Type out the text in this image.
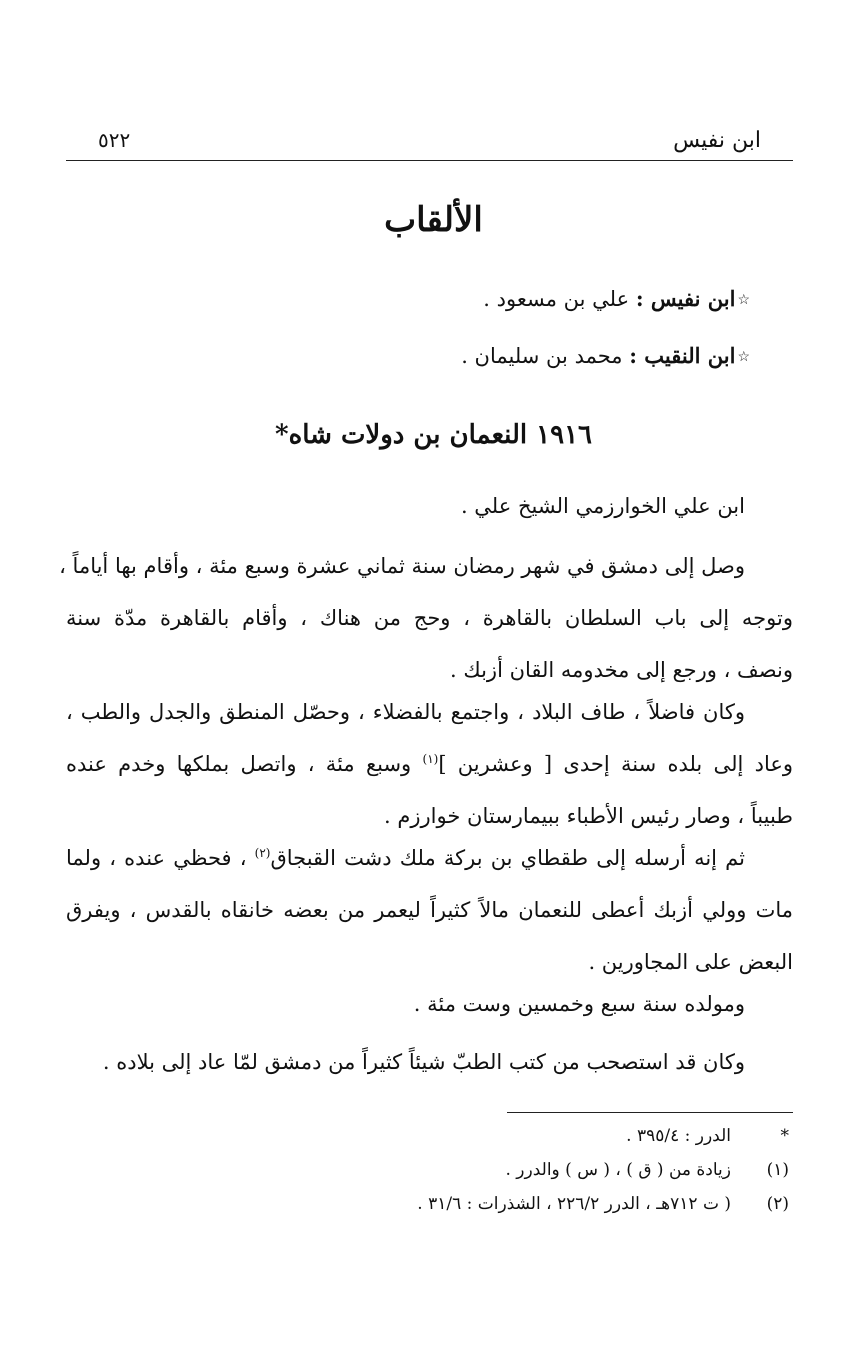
ابن نفيس
٥٢٢
الألقاب
☆ابن نفيس : علي بن مسعود .
☆ابن النقيب : محمد بن سليمان .
١٩١٦ النعمان بن دولات شاه*
ابن علي الخوارزمي الشيخ علي .
وصل إلى دمشق في شهر رمضان سنة ثماني عشرة وسبع مئة ، وأقام بها أياماً ،
وتوجه إلى باب السلطان بالقاهرة ، وحج من هناك ، وأقام بالقاهرة مدّة سنة
ونصف ، ورجع إلى مخدومه القان أزبك .
وكان فاضلاً ، طاف البلاد ، واجتمع بالفضلاء ، وحصّل المنطق والجدل والطب ،
وعاد إلى بلده سنة إحدى [ وعشرين ]$^{(١)}$ وسبع مئة ، واتصل بملكها وخدم عنده
طبيباً ، وصار رئيس الأطباء ببيمارستان خوارزم .
ثم إنه أرسله إلى طقطاي بن بركة ملك دشت القبجاق$^{(٢)}$ ، فحظي عنده ، ولما
مات وولي أزبك أعطى للنعمان مالاً كثيراً ليعمر من بعضه خانقاه بالقدس ، ويفرق
البعض على المجاورين .
ومولده سنة سبع وخمسين وست مئة .
وكان قد استصحب من كتب الطبّ شيئاً كثيراً من دمشق لمّا عاد إلى بلاده .
*
الدرر : ٣٩٥/٤ .
(١)
زيادة من ( ق ) ، ( س ) والدرر .
(٢)
( ت ٧١٢هـ ، الدرر ٢٢٦/٢ ، الشذرات : ٣١/٦ .
